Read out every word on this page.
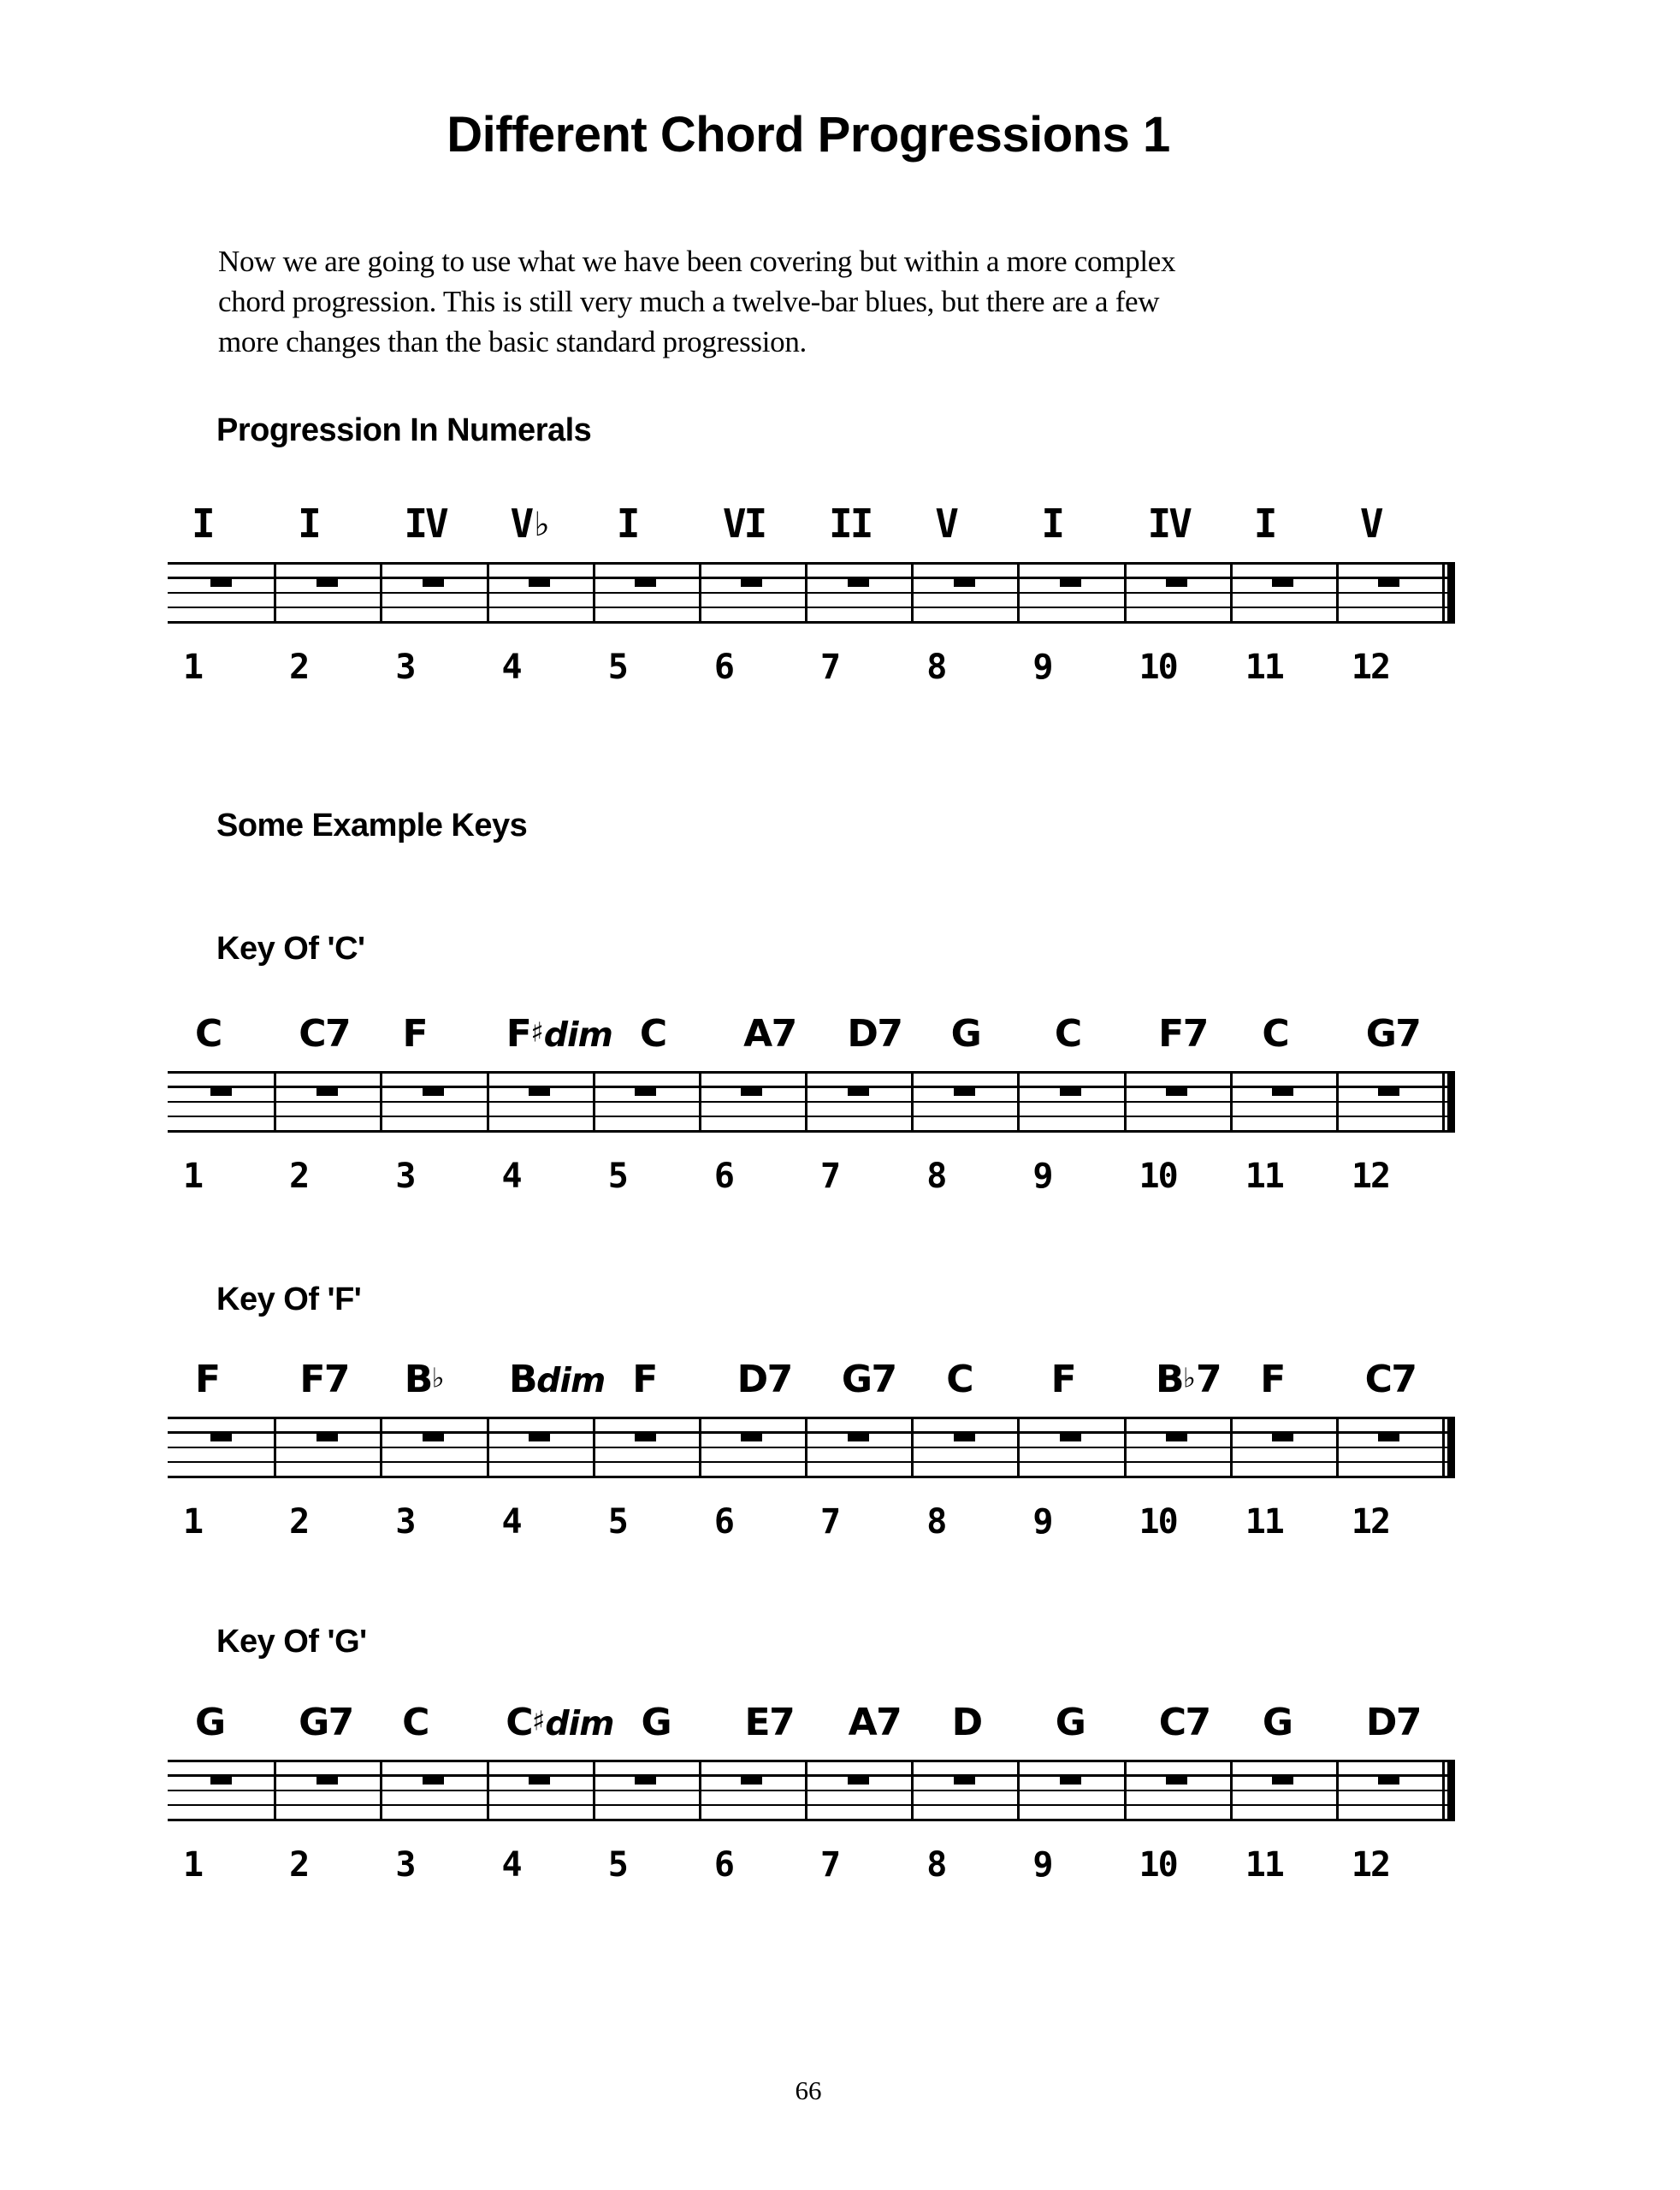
Different Chord Progressions 1
Now we are going to use what we have been covering but within a more complex
chord progression. This is still very much a twelve-bar blues, but there are a few
more changes than the basic standard progression.
Progression In Numerals
I I IV V♭ I VI II V I IV I V
1	2	3	4	5	6	7	8	9	10	11	12
Some Example Keys
Key Of 'C'
C C7 F F♯dim C A7 D7 G C F7 C G7
1	2	3	4	5	6	7	8	9	10	11	12
Key Of 'F'
F F7 B♭ Bdim F D7 G7 C F B♭7 F C7
1	2	3	4	5	6	7	8	9	10	11	12
Key Of 'G'
G G7 C C♯dim G E7 A7 D G C7 G D7
1	2	3	4	5	6	7	8	9	10	11	12
66
